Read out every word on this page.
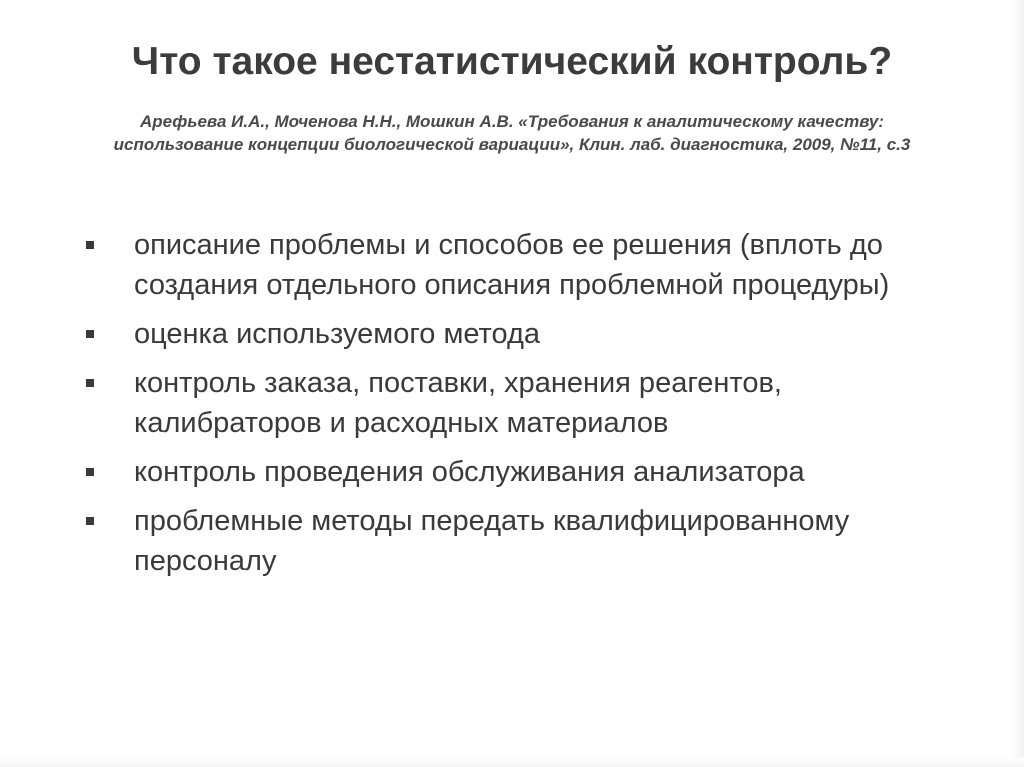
Что такое нестатистический контроль?
Арефьева И.А., Моченова Н.Н., Мошкин А.В. «Требования к аналитическому качеству:
использование концепции биологической вариации», Клин. лаб. диагностика, 2009, №11, с.3
описание проблемы и способов ее решения (вплоть до
создания отдельного описания проблемной процедуры)
оценка используемого метода
контроль заказа, поставки, хранения реагентов,
калибраторов и расходных материалов
контроль проведения обслуживания анализатора
проблемные методы передать квалифицированному
персоналу
